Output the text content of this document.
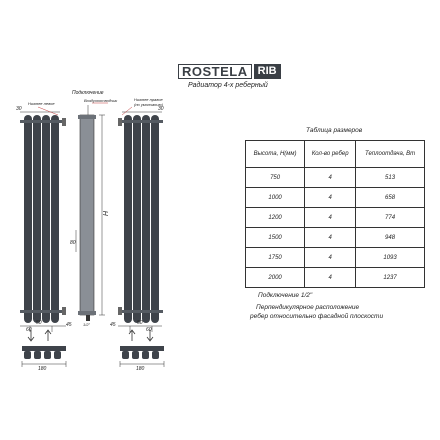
ROSTELA RIB
Радиатор 4-х реберный
Подключение
Нижнее левое
Воздухоотводчик	Нижнее правое
(по умолчанию)
30	30
H
80
50
60
50
60
45	45
1/2"
180	180
Таблица размеров
Высота, Н(мм)	Кол-во ребер	Теплоотдача, Вт
750	4	513
1000	4	658
1200	4	774
1500	4	948
1750	4	1093
2000	4	1237
Подключение 1/2"
Перпендикулярное расположение
ребер относительно фасадной плоскости
